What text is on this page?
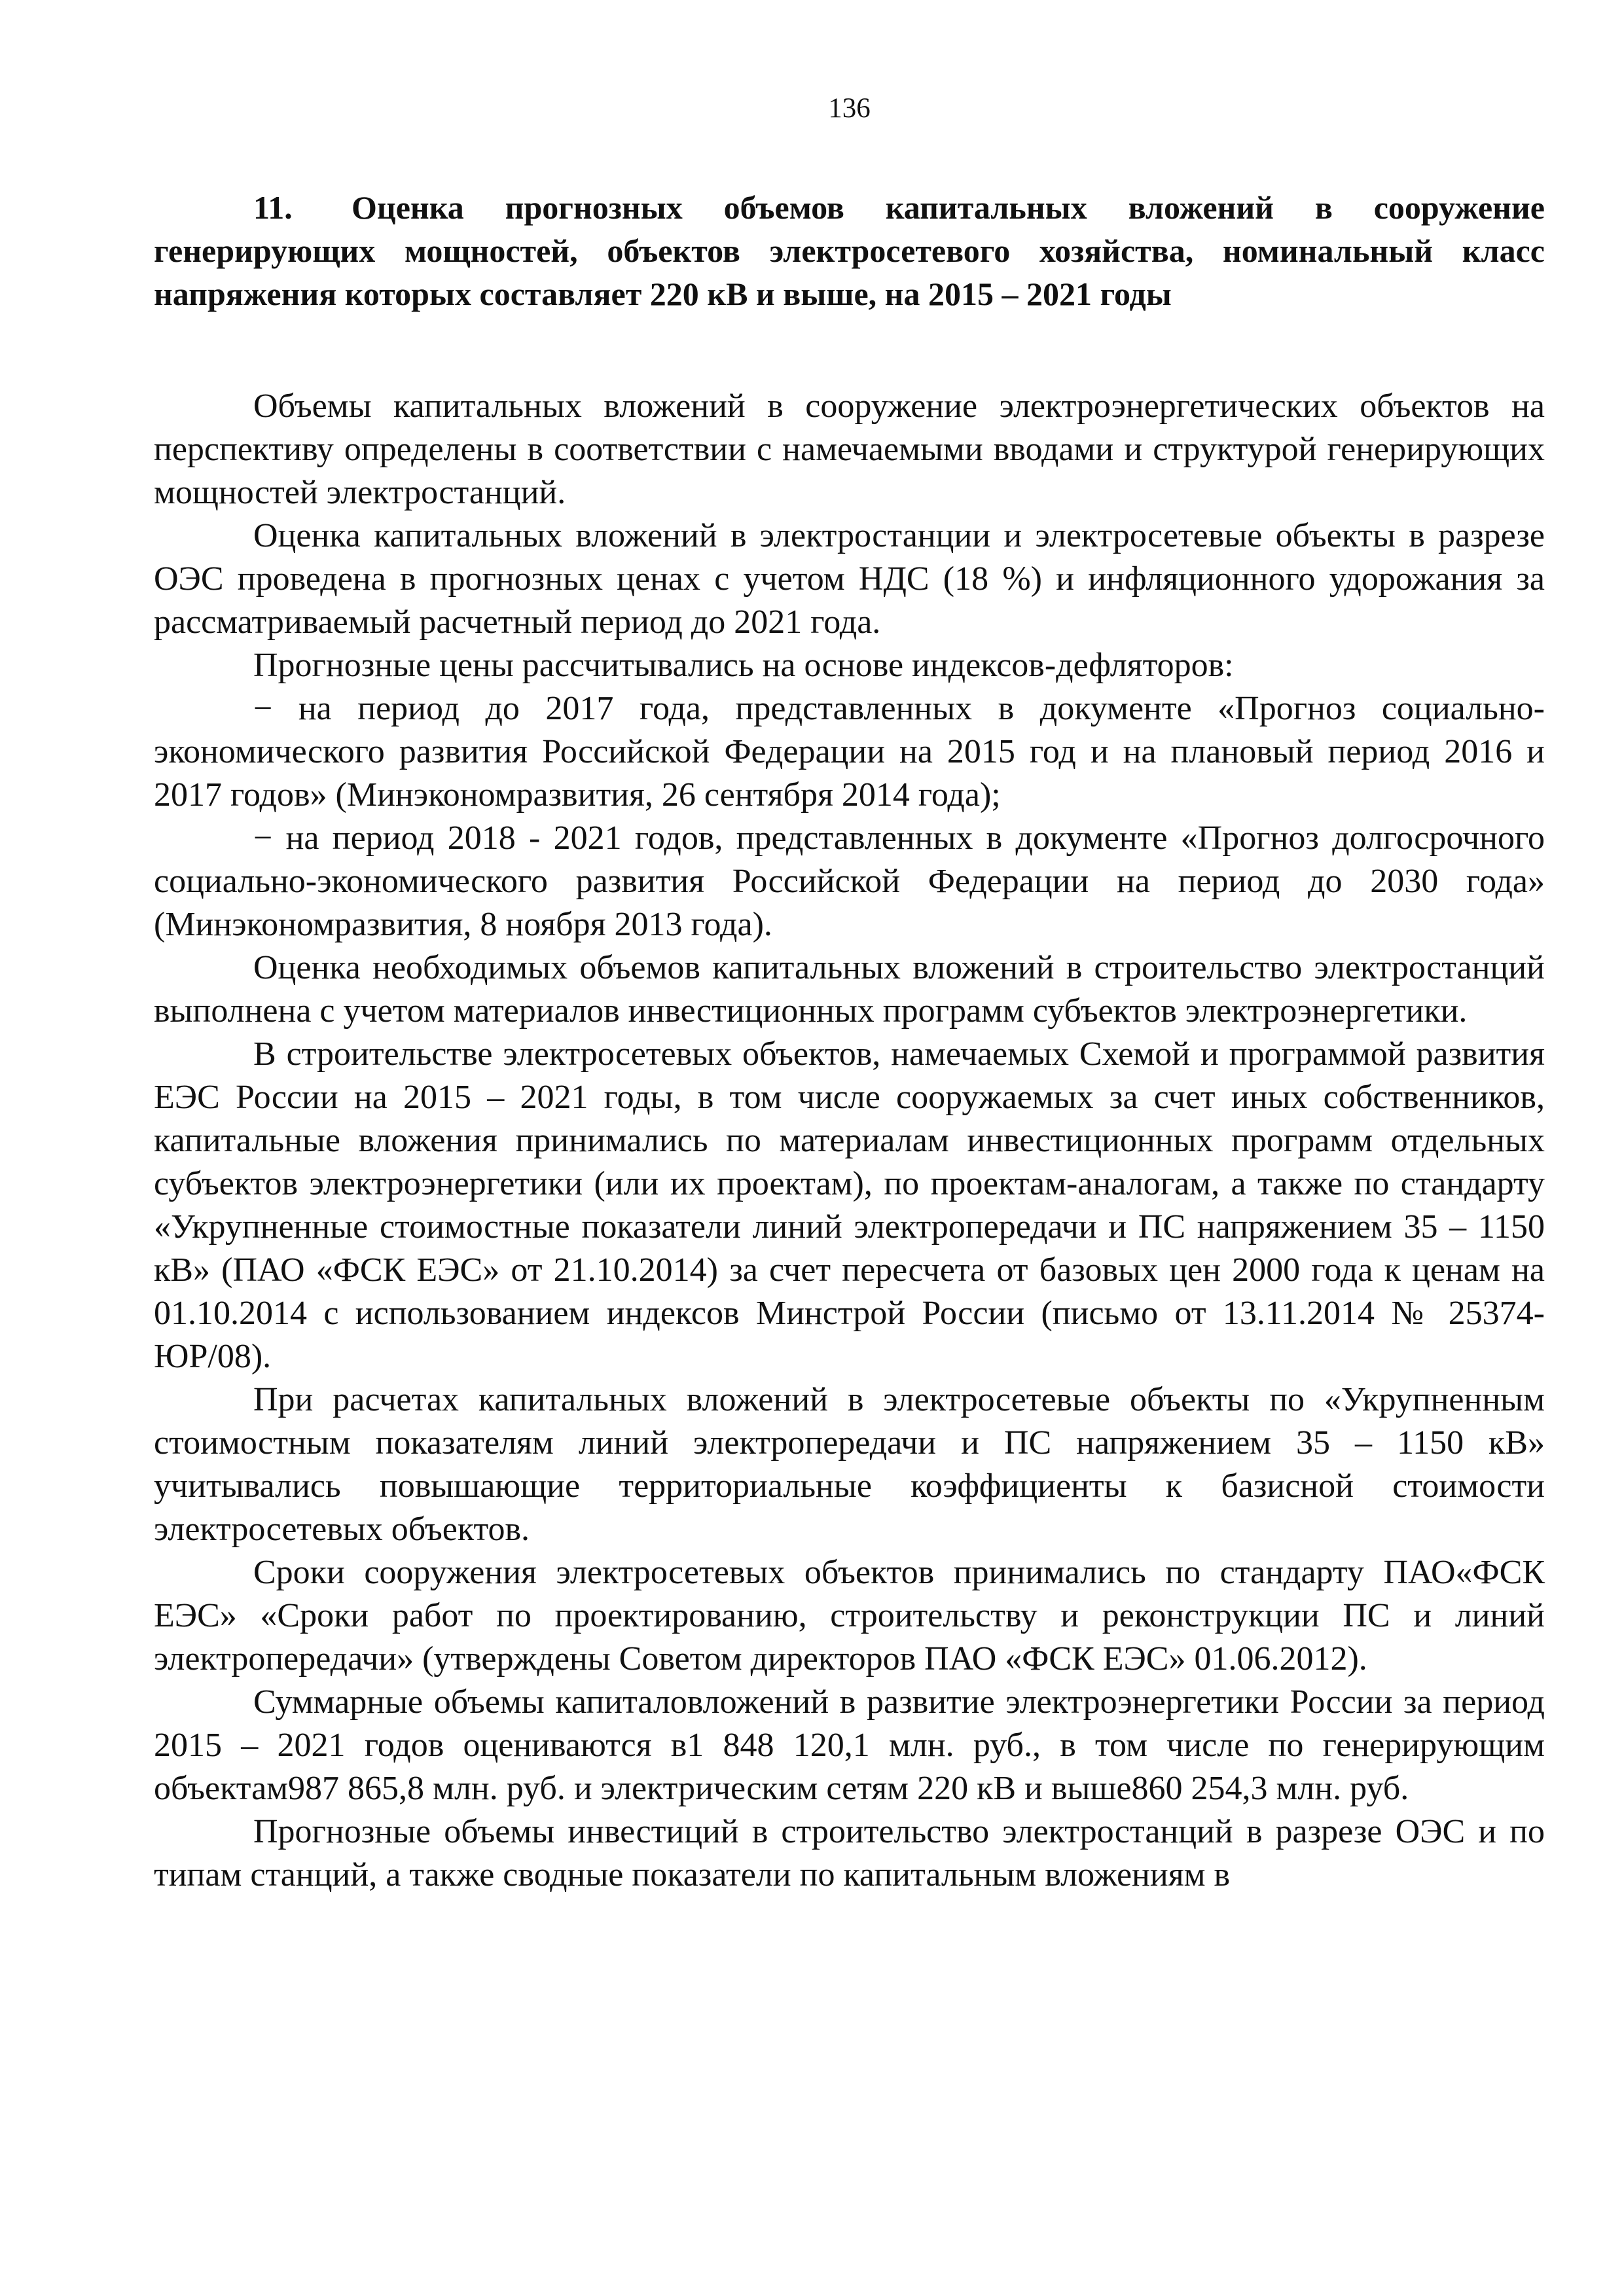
136
11. Оценка прогнозных объемов капитальных вложений в сооружение генерирующих мощностей, объектов электросетевого хозяйства, номинальный класс напряжения которых составляет 220 кВ и выше, на 2015 – 2021 годы

Объемы капитальных вложений в сооружение электроэнергетических объектов на перспективу определены в соответствии с намечаемыми вводами и структурой генерирующих мощностей электростанций.

Оценка капитальных вложений в электростанции и электросетевые объекты в разрезе ОЭС проведена в прогнозных ценах с учетом НДС (18 %) и инфляционного удорожания за рассматриваемый расчетный период до 2021 года.

Прогнозные цены рассчитывались на основе индексов-дефляторов:

− на период до 2017 года, представленных в документе «Прогноз социально-экономического развития Российской Федерации на 2015 год и на плановый период 2016 и 2017 годов» (Минэкономразвития, 26 сентября 2014 года);

− на период 2018 - 2021 годов, представленных в документе «Прогноз долгосрочного социально-экономического развития Российской Федерации на период до 2030 года» (Минэкономразвития, 8 ноября 2013 года).

Оценка необходимых объемов капитальных вложений в строительство электростанций выполнена с учетом материалов инвестиционных программ субъектов электроэнергетики.

В строительстве электросетевых объектов, намечаемых Схемой и программой развития ЕЭС России на 2015 – 2021 годы, в том числе сооружаемых за счет иных собственников, капитальные вложения принимались по материалам инвестиционных программ отдельных субъектов электроэнергетики (или их проектам), по проектам-аналогам, а также по стандарту «Укрупненные стоимостные показатели линий электропередачи и ПС напряжением 35 – 1150 кВ» (ПАО «ФСК ЕЭС» от 21.10.2014) за счет пересчета от базовых цен 2000 года к ценам на 01.10.2014 с использованием индексов Минстрой России (письмо от 13.11.2014 № 25374-ЮР/08).

При расчетах капитальных вложений в электросетевые объекты по «Укрупненным стоимостным показателям линий электропередачи и ПС напряжением 35 – 1150 кВ» учитывались повышающие территориальные коэффициенты к базисной стоимости электросетевых объектов.

Сроки сооружения электросетевых объектов принимались по стандарту ПАО«ФСК ЕЭС» «Сроки работ по проектированию, строительству и реконструкции ПС и линий электропередачи» (утверждены Советом директоров ПАО «ФСК ЕЭС» 01.06.2012).

Суммарные объемы капиталовложений в развитие электроэнергетики России за период 2015 – 2021 годов оцениваются в1 848 120,1 млн. руб., в том числе по генерирующим объектам987 865,8 млн. руб. и электрическим сетям 220 кВ и выше860 254,3 млн. руб.

Прогнозные объемы инвестиций в строительство электростанций в разрезе ОЭС и по типам станций, а также сводные показатели по капитальным вложениям в
